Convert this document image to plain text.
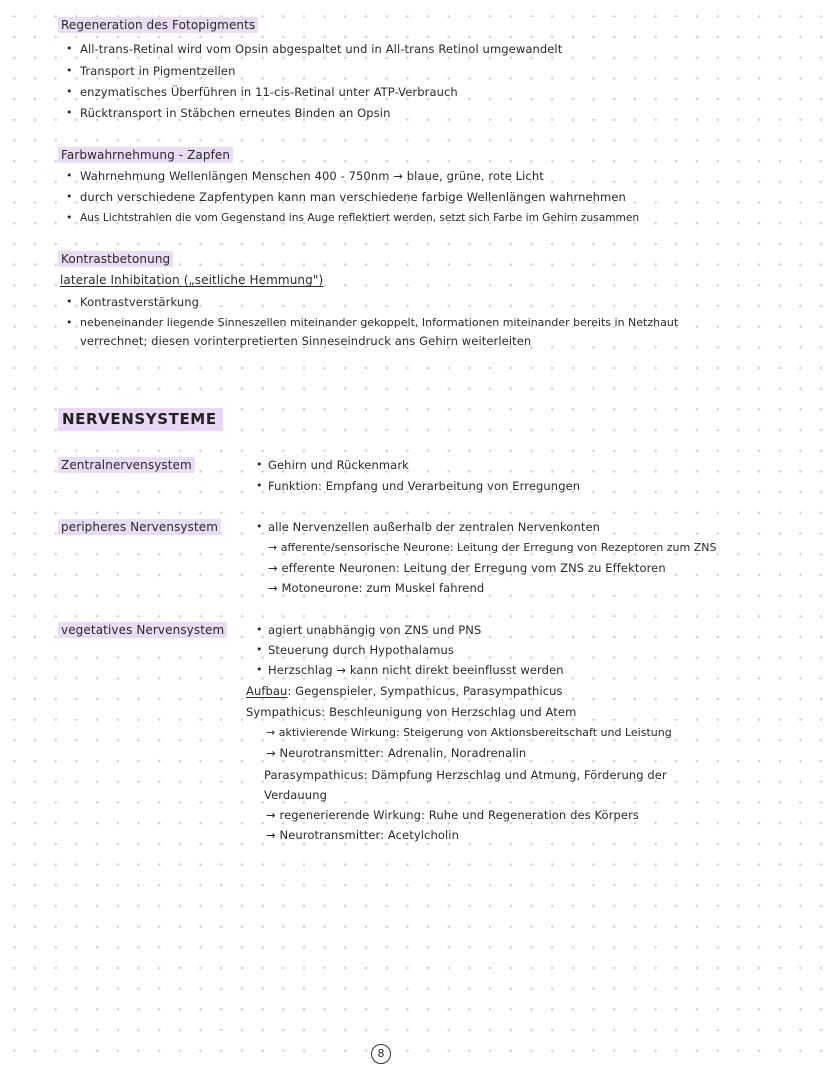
Regeneration des Fotopigments
• All-trans-Retinal wird vom Opsin abgespaltet und in All-trans Retinol umgewandelt
• Transport in Pigmentzellen
• enzymatisches Überführen in 11-cis-Retinal unter ATP-Verbrauch
• Rücktransport in Stäbchen erneutes Binden an Opsin
Farbwahrnehmung - Zapfen
• Wahrnehmung Wellenlängen Menschen 400 - 750nm → blaue, grüne, rote Licht
• durch verschiedene Zapfentypen kann man verschiedene farbige Wellenlängen wahrnehmen
• Aus Lichtstrahlen die vom Gegenstand ins Auge reflektiert werden, setzt sich Farbe im Gehirn zusammen
Kontrastbetonung
laterale Inhibitation („seitliche Hemmung")
• Kontrastverstärkung
• nebeneinander liegende Sinneszellen miteinander gekoppelt, Informationen miteinander bereits in Netzhaut
verrechnet; diesen vorinterpretierten Sinneseindruck ans Gehirn weiterleiten
NERVENSYSTEME
Zentralnervensystem	• Gehirn und Rückenmark
• Funktion: Empfang und Verarbeitung von Erregungen
peripheres Nervensystem	• alle Nervenzellen außerhalb der zentralen Nervenkonten
→ afferente/sensorische Neurone: Leitung der Erregung von Rezeptoren zum ZNS
→ efferente Neuronen: Leitung der Erregung vom ZNS zu Effektoren
→ Motoneurone: zum Muskel fahrend
vegetatives Nervensystem	• agiert unabhängig von ZNS und PNS
• Steuerung durch Hypothalamus
• Herzschlag → kann nicht direkt beeinflusst werden
Aufbau: Gegenspieler, Sympathicus, Parasympathicus
Sympathicus: Beschleunigung von Herzschlag und Atem
→ aktivierende Wirkung: Steigerung von Aktionsbereitschaft und Leistung
→ Neurotransmitter: Adrenalin, Noradrenalin
Parasympathicus: Dämpfung Herzschlag und Atmung, Förderung der
Verdauung
→ regenerierende Wirkung: Ruhe und Regeneration des Körpers
→ Neurotransmitter: Acetylcholin
8
